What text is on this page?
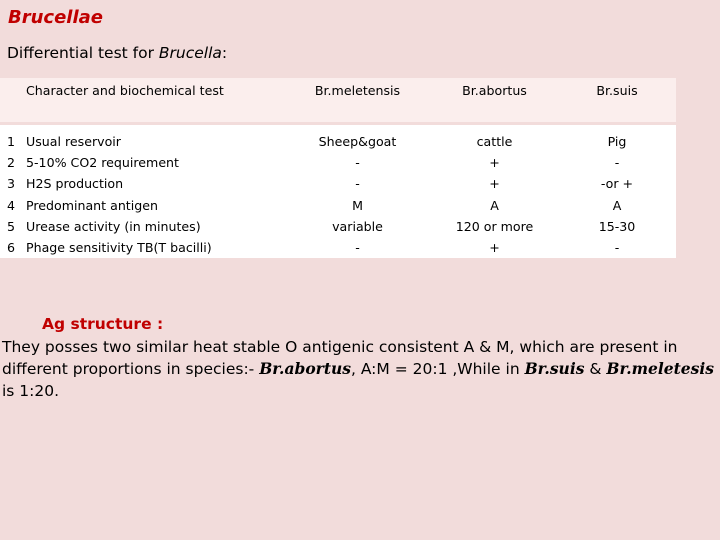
Brucellae

Differential test for Brucella:

	Character and biochemical test	Br.meletensis	Br.abortus	Br.suis
1	Usual reservoir	Sheep&goat	cattle	Pig
2	5-10% CO2 requirement	-	+	-
3	H2S production	-	+	-or +
4	Predominant antigen	M	A	A
5	Urease activity (in minutes)	variable	120 or more	15-30
6	Phage sensitivity TB(T bacilli)	-	+	-
Ag structure :

They posses two similar heat stable O antigenic consistent A & M, which are present in different proportions in species:- Br.abortus, A:M = 20:1 ,While in Br.suis & Br.meletesis is 1:20.
